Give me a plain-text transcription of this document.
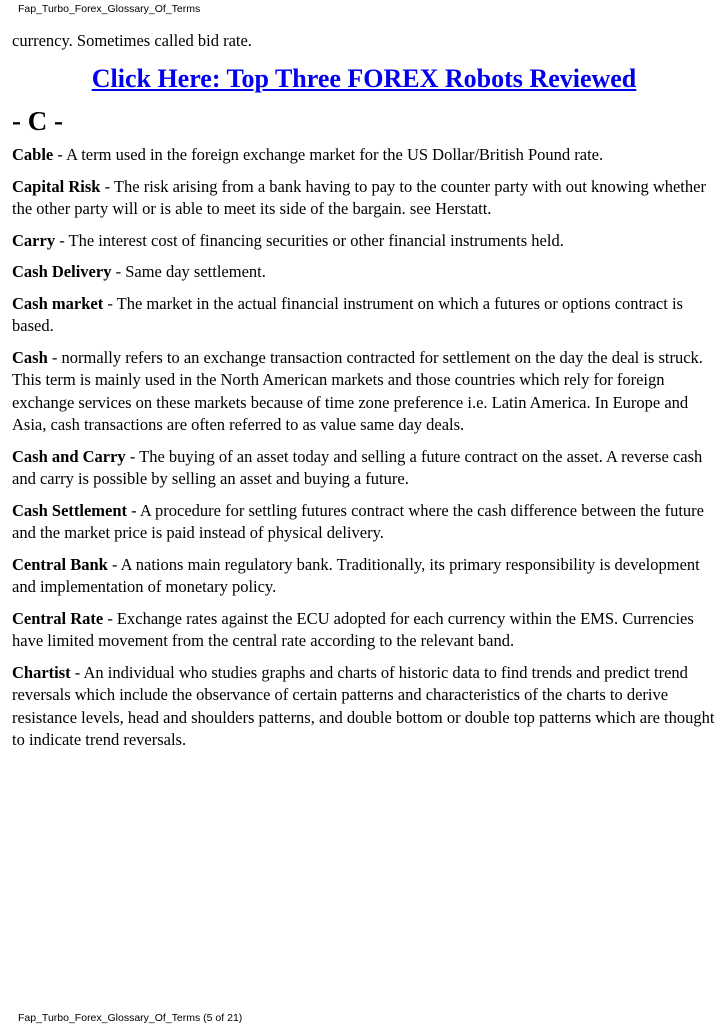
Fap_Turbo_Forex_Glossary_Of_Terms

currency. Sometimes called bid rate.

Click Here: Top Three FOREX Robots Reviewed
- C -

Cable - A term used in the foreign exchange market for the US Dollar/British Pound rate.

Capital Risk - The risk arising from a bank having to pay to the counter party with out knowing whether the other party will or is able to meet its side of the bargain. see Herstatt.

Carry - The interest cost of financing securities or other financial instruments held.

Cash Delivery - Same day settlement.

Cash market - The market in the actual financial instrument on which a futures or options contract is based.

Cash - normally refers to an exchange transaction contracted for settlement on the day the deal is struck. This term is mainly used in the North American markets and those countries which rely for foreign exchange services on these markets because of time zone preference i.e. Latin America. In Europe and Asia, cash transactions are often referred to as value same day deals.

Cash and Carry - The buying of an asset today and selling a future contract on the asset. A reverse cash and carry is possible by selling an asset and buying a future.

Cash Settlement - A procedure for settling futures contract where the cash difference between the future and the market price is paid instead of physical delivery.

Central Bank - A nations main regulatory bank. Traditionally, its primary responsibility is development and implementation of monetary policy.

Central Rate - Exchange rates against the ECU adopted for each currency within the EMS. Currencies have limited movement from the central rate according to the relevant band.

Chartist - An individual who studies graphs and charts of historic data to find trends and predict trend reversals which include the observance of certain patterns and characteristics of the charts to derive resistance levels, head and shoulders patterns, and double bottom or double top patterns which are thought to indicate trend reversals.

Fap_Turbo_Forex_Glossary_Of_Terms (5 of 21)
